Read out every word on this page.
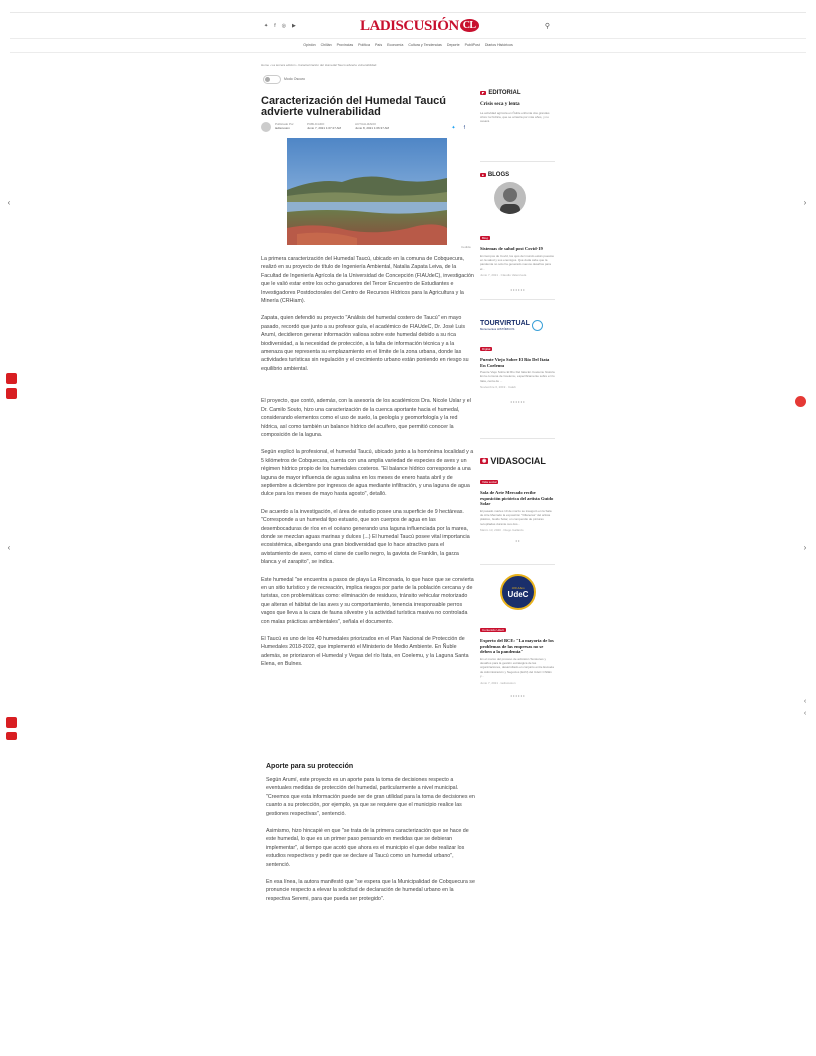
✦ f ◎ ▶	LADISCUSIÓN CL	⚲
Opinión Chillán Provincias Política País Economía Cultura y Tendencias Deporte PubliPost Diarios Históricos
Home › La tercera edición › Caracterización del Humedal Taucú advierte vulnerabilidad
Modo Oscuro
Caracterización del Humedal Taucú advierte vulnerabilidad
Publicado Por
ladiscusion
PUBLICADO
Junio 7, 2021 1:07:27 AM
ACTUALIZADO
Junio 8, 2021 1:06:37 AM	✦ f
Cedida

La primera caracterización del Humedal Taucú, ubicado en la comuna de Cobquecura, realizó en su proyecto de título de Ingeniería Ambiental, Natalia Zapata Leiva, de la Facultad de Ingeniería Agrícola de la Universidad de Concepción (FIAUdeC), investigación que le valió estar entre los ocho ganadores del Tercer Encuentro de Estudiantes e Investigadores Postdoctorales del Centro de Recursos Hídricos para la Agricultura y la Minería (CRHiam).

Zapata, quien defendió su proyecto "Análisis del humedal costero de Taucú" en mayo pasado, recordó que junto a su profesor guía, el académico de FIAUdeC, Dr. José Luis Arumí, decidieron generar información valiosa sobre este humedal debido a su rica biodiversidad, a la necesidad de protección, a la falta de información técnica y a la amenaza que representa su emplazamiento en el límite de la zona urbana, donde las actividades turísticas sin regulación y el crecimiento urbano están poniendo en riesgo su equilibrio ambiental.

El proyecto, que contó, además, con la asesoría de los académicos Dra. Nicole Uslar y el Dr. Camilo Souto, hizo una caracterización de la cuenca aportante hacia el humedal, considerando elementos como el uso de suelo, la geología y geomorfología y la red hídrica, así como también un balance hídrico del acuífero, que permitió conocer la composición de la laguna.

Según explicó la profesional, el humedal Taucú, ubicado junto a la homónima localidad y a 5 kilómetros de Cobquecura, cuenta con una amplia variedad de especies de aves y un régimen hídrico propio de los humedales costeros. "El balance hídrico corresponde a una laguna de mayor influencia de agua salina en los meses de enero hasta abril y de septiembre a diciembre por ingresos de agua mediante infiltración, y una laguna de agua dulce para los meses de mayo hasta agosto", detalló.

De acuerdo a la investigación, el área de estudio posee una superficie de 9 hectáreas. "Corresponde a un humedal tipo estuario, que son cuerpos de agua en las desembocaduras de ríos en el océano generando una laguna influenciada por la marea, donde se mezclan aguas marinas y dulces (...) El humedal Taucú posee vital importancia ecosistémica, albergando una gran biodiversidad que lo hace atractivo para el avistamiento de aves, como el cisne de cuello negro, la gaviota de Franklin, la garza blanca y el zarapito", se indica.

Este humedal "se encuentra a pasos de playa La Rinconada, lo que hace que se convierta en un sitio turístico y de recreación, implica riesgos por parte de la población cercana y de turistas, con problemáticas como: eliminación de residuos, tránsito vehicular motorizado que alteran el hábitat de las aves y su comportamiento, tenencia irresponsable perros vagos que lleva a la caza de fauna silvestre y la actividad turística masiva no controlada con malas prácticas ambientales", señala el documento.

El Taucú es uno de los 40 humedales priorizados en el Plan Nacional de Protección de Humedales 2018-2022, que implementó el Ministerio de Medio Ambiente. En Ñuble además, se priorizaron el Humedal y Vegas del río Itata, en Coelemu, y la Laguna Santa Elena, en Bulnes.

Aporte para su protección

Según Arumí, este proyecto es un aporte para la toma de decisiones respecto a eventuales medidas de protección del humedal, particularmente a nivel municipal. "Creemos que esta información puede ser de gran utilidad para la toma de decisiones en cuanto a su protección, por ejemplo, ya que se requiere que el municipio realice las gestiones respectivas", sentenció.

Asimismo, hizo hincapié en que "se trata de la primera caracterización que se hace de este humedal, lo que es un primer paso pensando en medidas que se debieran implementar", al tiempo que acotó que ahora es el municipio el que debe realizar los estudios respectivos y pedir que se declare al Taucú como un humedal urbano", sentenció.

En esa línea, la autora manifestó que "se espera que la Municipalidad de Cobquecura se pronuncie respecto a elevar la solicitud de declaración de humedal urbano en la respectiva Seremi, para que pueda ser protegido".

◤ EDITORIAL
Crisis seca y lenta
La actividad agrícola en Ñuble enfrenta dos grandes crisis: la hídrica, que se arrastra por más años, y no cesará.
■ BLOGS
Blog
Sistemas de salud post Covid-19
En tiempos de Covid, los ojos del mundo están puestos en la salud y sus enemigos. Qué duda cabe que la pandemia no solo ha generado nuevos desafíos para el...
Junio 7, 2021 · Claudio Valenzuela
• • • • • •
TOURVIRTUAL
Monumentos HISTÓRICOS
Digital
Puente Viejo Sobre El Río Del Itata En Coelemu
Puente Viejo Sobre El Río Del Itata En Coelemu historia En la comuna de Coelemu, específicamente sobre el río Itata, cerca de ...
Noviembre 6, 2019 · Caleb
• • • • • •
◉ VIDASOCIAL
Vida social
Sala de Arte Mercado recibe exposición pictórica del artista Guido Solar
El pasado martes 10 de marzo se inauguró en la Sala de Arte Mercado la exposición "Villaneras" del artista plástico, Guido Solar, un compendio de pinturas recopiladas durante sus dos...
Marzo 13, 2020 · Diego Gallardo
• •
100 Años
UdeC
Contenido UdeC
Experto del BCE: "La mayoría de los problemas de las empresas no se deben a la pandemia"
En el marco del proceso de admisión Tensiones y desafíos para la gestión estratégica de las organizaciones, desarrollado en conjunto entre Escuela de Administración y Negocios (EAN) del UdeC Chillán y...
Junio 7, 2021 · ladiscusion
• • • • • •
‹	›
‹	›
‹
‹
